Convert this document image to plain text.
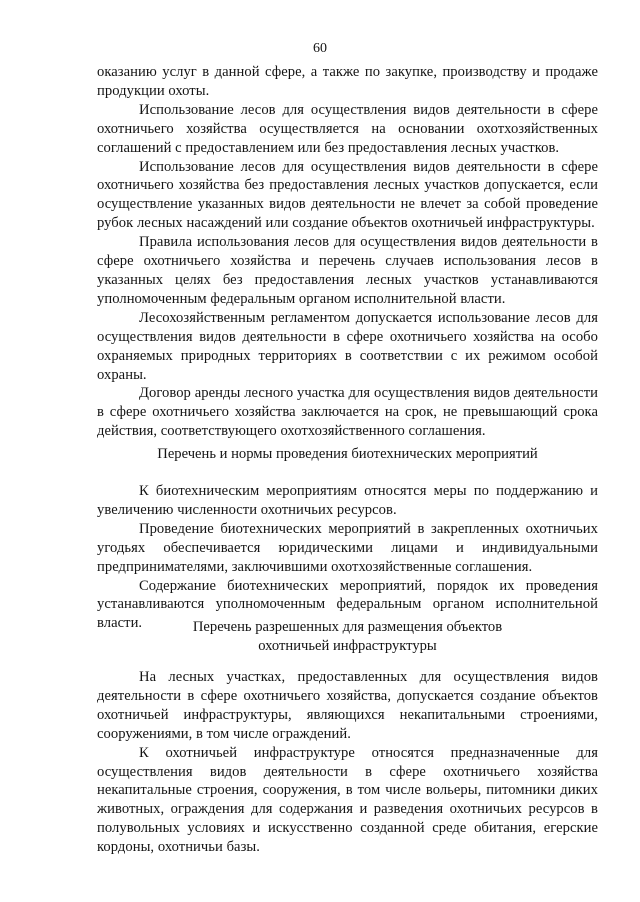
60

оказанию услуг в данной сфере, а также по закупке, производству и продаже продукции охоты.

Использование лесов для осуществления видов деятельности в сфере охотничьего хозяйства осуществляется на основании охотхозяйственных соглашений с предоставлением или без предоставления лесных участков.

Использование лесов для осуществления видов деятельности в сфере охотничьего хозяйства без предоставления лесных участков допускается, если осуществление указанных видов деятельности не влечет за собой проведение рубок лесных насаждений или создание объектов охотничьей инфраструктуры.

Правила использования лесов для осуществления видов деятельности в сфере охотничьего хозяйства и перечень случаев использования лесов в указанных целях без предоставления лесных участков устанавливаются уполномоченным федеральным органом исполнительной власти.

Лесохозяйственным регламентом допускается использование лесов для осуществления видов деятельности в сфере охотничьего хозяйства на особо охраняемых природных территориях в соответствии с их режимом особой охраны.

Договор аренды лесного участка для осуществления видов деятельности в сфере охотничьего хозяйства заключается на срок, не превышающий срока действия, соответствующего охотхозяйственного соглашения.

Перечень и нормы проведения биотехнических мероприятий

К биотехническим мероприятиям относятся меры по поддержанию и увеличению численности охотничьих ресурсов.

Проведение биотехнических мероприятий в закрепленных охотничьих угодьях обеспечивается юридическими лицами и индивидуальными предпринимателями, заключившими охотхозяйственные соглашения.

Содержание биотехнических мероприятий, порядок их проведения устанавливаются уполномоченным федеральным органом исполнительной власти.	Перечень разрешенных для размещения объектов
охотничьей инфраструктуры

На лесных участках, предоставленных для осуществления видов деятельности в сфере охотничьего хозяйства, допускается создание объектов охотничьей инфраструктуры, являющихся некапитальными строениями, сооружениями, в том числе ограждений.

К охотничьей инфраструктуре относятся предназначенные для осуществления видов деятельности в сфере охотничьего хозяйства некапитальные строения, сооружения, в том числе вольеры, питомники диких животных, ограждения для содержания и разведения охотничьих ресурсов в полувольных условиях и искусственно созданной среде обитания, егерские кордоны, охотничьи базы.
